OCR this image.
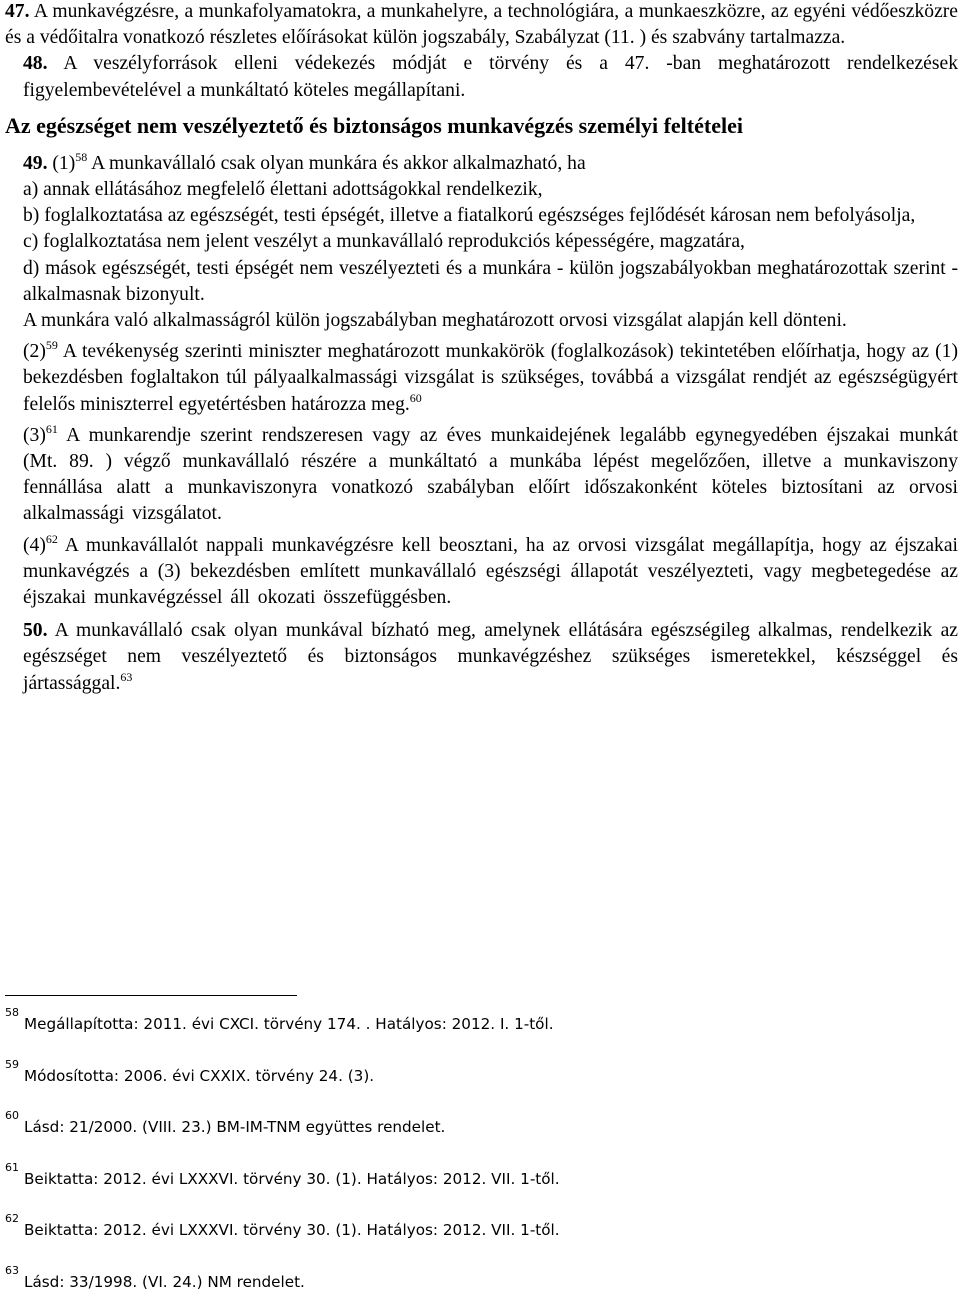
47. A munkavégzésre, a munkafolyamatokra, a munkahelyre, a technológiára, a munkaeszközre, az egyéni védőeszközre és a védőitalra vonatkozó részletes előírásokat külön jogszabály, Szabályzat (11. ) és szabvány tartalmazza.

48. A veszélyforrások elleni védekezés módját e törvény és a 47. -ban meghatározott rendelkezések figyelembevételével a munkáltató köteles megállapítani.

Az egészséget nem veszélyeztető és biztonságos munkavégzés személyi feltételei

49. $(1)^{58}$ A munkavállaló csak olyan munkára és akkor alkalmazható, ha

a) annak ellátásához megfelelő élettani adottságokkal rendelkezik,

b) foglalkoztatása az egészségét, testi épségét, illetve a fiatalkorú egészséges fejlődését károsan nem befolyásolja,

c) foglalkoztatása nem jelent veszélyt a munkavállaló reprodukciós képességére, magzatára,

d) mások egészségét, testi épségét nem veszélyezteti és a munkára - külön jogszabályokban meghatározottak szerint - alkalmasnak bizonyult.

A munkára való alkalmasságról külön jogszabályban meghatározott orvosi vizsgálat alapján kell dönteni.

$(2)^{59}$ A tevékenység szerinti miniszter meghatározott munkakörök (foglalkozások) tekintetében előírhatja, hogy az (1) bekezdésben foglaltakon túl pályaalkalmassági vizsgálat is szükséges, továbbá a vizsgálat rendjét az egészségügyért felelős miniszterrel egyetértésben határozza meg.$^{60}$

$(3)^{61}$ A munkarendje szerint rendszeresen vagy az éves munkaidejének legalább egynegyedében éjszakai munkát (Mt. 89. ) végző munkavállaló részére a munkáltató a munkába lépést megelőzően, illetve a munkaviszony fennállása alatt a munkaviszonyra vonatkozó szabályban előírt időszakonként köteles biztosítani az orvosi alkalmassági vizsgálatot.

$(4)^{62}$ A munkavállalót nappali munkavégzésre kell beosztani, ha az orvosi vizsgálat megállapítja, hogy az éjszakai munkavégzés a (3) bekezdésben említett munkavállaló egészségi állapotát veszélyezteti, vagy megbetegedése az éjszakai munkavégzéssel áll okozati összefüggésben.

50. A munkavállaló csak olyan munkával bízható meg, amelynek ellátására egészségileg alkalmas, rendelkezik az egészséget nem veszélyeztető és biztonságos munkavégzéshez szükséges ismeretekkel, készséggel és jártassággal.$^{63}$

$^{58}$Megállapította: 2011. évi CXCI. törvény 174. . Hatályos: 2012. I. 1-től.
$^{59}$Módosította: 2006. évi CXXIX. törvény 24. (3).
$^{60}$Lásd: 21/2000. (VIII. 23.) BM-IM-TNM együttes rendelet.
$^{61}$Beiktatta: 2012. évi LXXXVI. törvény 30. (1). Hatályos: 2012. VII. 1-től.
$^{62}$Beiktatta: 2012. évi LXXXVI. törvény 30. (1). Hatályos: 2012. VII. 1-től.
$^{63}$Lásd: 33/1998. (VI. 24.) NM rendelet.
